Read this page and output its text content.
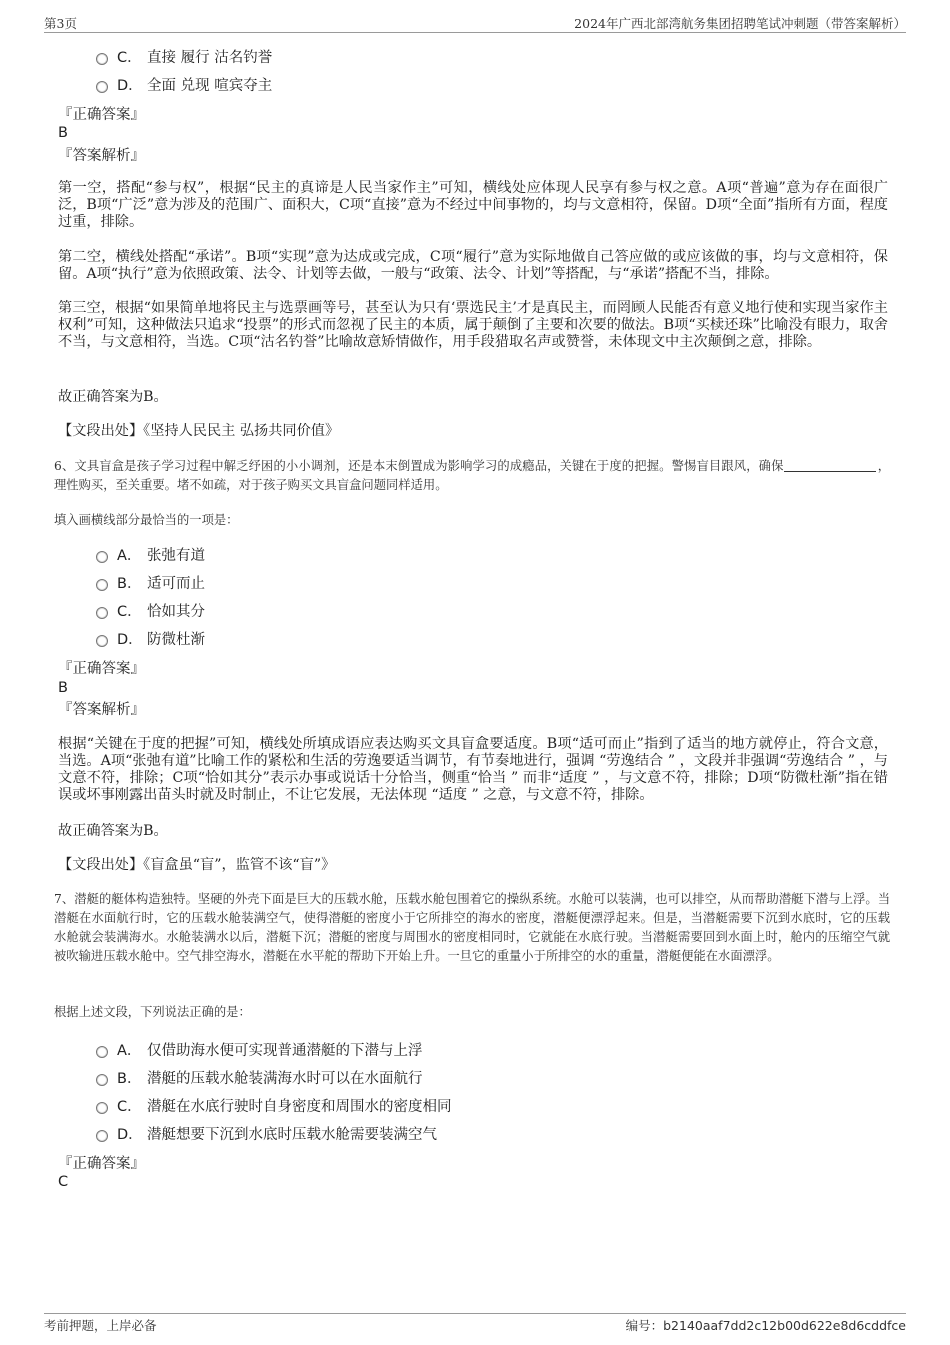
第3页	2024年广西北部湾航务集团招聘笔试冲刺题（带答案解析）
C． 直接 履行 沽名钓誉
D． 全面 兑现 喧宾夺主
『正确答案』
B
『答案解析』

第一空，搭配“参与权”，根据“民主的真谛是人民当家作主”可知，横线处应体现人民享有参与权之意。A项“普遍”意为存在面很广泛，B项“广泛”意为涉及的范围广、面积大，C项“直接”意为不经过中间事物的，均与文意相符，保留。D项“全面”指所有方面，程度过重，排除。

第二空，横线处搭配“承诺”。B项“实现”意为达成或完成，C项“履行”意为实际地做自己答应做的或应该做的事，均与文意相符，保留。A项“执行”意为依照政策、法令、计划等去做，一般与“政策、法令、计划”等搭配，与“承诺”搭配不当，排除。

第三空，根据“如果简单地将民主与选票画等号，甚至认为只有‘票选民主’才是真民主，而罔顾人民能否有意义地行使和实现当家作主权利”可知，这种做法只追求“投票”的形式而忽视了民主的本质，属于颠倒了主要和次要的做法。B项“买椟还珠”比喻没有眼力，取舍不当，与文意相符，当选。C项“沽名钓誉”比喻故意矫情做作，用手段猎取名声或赞誉，未体现文中主次颠倒之意，排除。

故正确答案为B。

【文段出处】《坚持人民民主 弘扬共同价值》

6、文具盲盒是孩子学习过程中解乏纾困的小小调剂，还是本末倒置成为影响学习的成瘾品，关键在于度的把握。警惕盲目跟风，确保	，理性购买，至关重要。堵不如疏，对于孩子购买文具盲盒问题同样适用。

填入画横线部分最恰当的一项是：

A． 张弛有道
B． 适可而止
C． 恰如其分
D． 防微杜渐
『正确答案』
B
『答案解析』

根据“关键在于度的把握”可知，横线处所填成语应表达购买文具盲盒要适度。B项“适可而止”指到了适当的地方就停止，符合文意，当选。A项“张弛有道”比喻工作的紧松和生活的劳逸要适当调节，有节奏地进行，强调 “劳逸结合 ” ，文段并非强调“劳逸结合 ” ，与文意不符，排除；C项“恰如其分”表示办事或说话十分恰当，侧重“恰当 ” 而非“适度 ” ，与文意不符，排除；D项“防微杜渐”指在错误或坏事刚露出苗头时就及时制止，不让它发展，无法体现 “适度 ” 之意，与文意不符，排除。

故正确答案为B。

【文段出处】《盲盒虽“盲”，监管不该“盲”》

7、潜艇的艇体构造独特。坚硬的外壳下面是巨大的压载水舱，压载水舱包围着它的操纵系统。水舱可以装满，也可以排空，从而帮助潜艇下潜与上浮。当潜艇在水面航行时，它的压载水舱装满空气，使得潜艇的密度小于它所排空的海水的密度，潜艇便漂浮起来。但是，当潜艇需要下沉到水底时，它的压载水舱就会装满海水。水舱装满水以后，潜艇下沉；潜艇的密度与周围水的密度相同时，它就能在水底行驶。当潜艇需要回到水面上时，舱内的压缩空气就被吹输进压载水舱中。空气排空海水，潜艇在水平舵的帮助下开始上升。一旦它的重量小于所排空的水的重量，潜艇便能在水面漂浮。

根据上述文段，下列说法正确的是：

A． 仅借助海水便可实现普通潜艇的下潜与上浮
B． 潜艇的压载水舱装满海水时可以在水面航行
C． 潜艇在水底行驶时自身密度和周围水的密度相同
D． 潜艇想要下沉到水底时压载水舱需要装满空气
『正确答案』
C
考前押题，上岸必备	编号：b2140aaf7dd2c12b00d622e8d6cddfce
